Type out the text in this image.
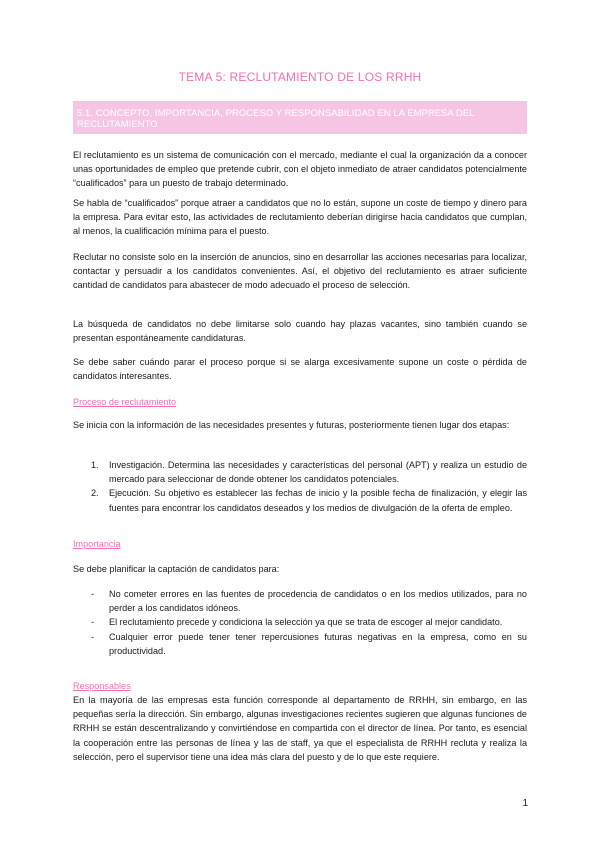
TEMA 5: RECLUTAMIENTO DE LOS RRHH
5.1. CONCEPTO, IMPORTANCIA, PROCESO Y RESPONSABILIDAD EN LA EMPRESA DEL RECLUTAMIENTO

El reclutamiento es un sistema de comunicación con el mercado, mediante el cual la organización da a conocer unas oportunidades de empleo que pretende cubrir, con el objeto inmediato de atraer candidatos potencialmente “cualificados” para un puesto de trabajo determinado.

Se habla de “cualificados” porque atraer a candidatos que no lo están, supone un coste de tiempo y dinero para la empresa. Para evitar esto, las actividades de reclutamiento deberían dirigirse hacia candidatos que cumplan, al menos, la cualificación mínima para el puesto.

Reclutar no consiste solo en la inserción de anuncios, sino en desarrollar las acciones necesarias para localizar, contactar y persuadir a los candidatos convenientes. Así, el objetivo del reclutamiento es atraer suficiente cantidad de candidatos para abastecer de modo adecuado el proceso de selección.

La búsqueda de candidatos no debe limitarse solo cuando hay plazas vacantes, sino también cuando se presentan espontáneamente candidaturas.

Se debe saber cuándo parar el proceso porque si se alarga excesivamente supone un coste o pérdida de candidatos interesantes.

Proceso de reclutamiento

Se inicia con la información de las necesidades presentes y futuras, posteriormente tienen lugar dos etapas:

1. Investigación. Determina las necesidades y características del personal (APT) y realiza un estudio de mercado para seleccionar de donde obtener los candidatos potenciales.
2. Ejecución. Su objetivo es establecer las fechas de inicio y la posible fecha de finalización, y elegir las fuentes para encontrar los candidatos deseados y los medios de divulgación de la oferta de empleo.
Importancia

Se debe planificar la captación de candidatos para:

- No cometer errores en las fuentes de procedencia de candidatos o en los medios utilizados, para no perder a los candidatos idóneos.
- El reclutamiento precede y condiciona la selección ya que se trata de escoger al mejor candidato.
- Cualquier error puede tener tener repercusiones futuras negativas en la empresa, como en su productividad.
Responsables

En la mayoría de las empresas esta función corresponde al departamento de RRHH, sin embargo, en las pequeñas sería la dirección. Sin embargo, algunas investigaciones recientes sugieren que algunas funciones de RRHH se están descentralizando y convirtiéndose en compartida con el director de línea. Por tanto, es esencial la cooperación entre las personas de línea y las de staff, ya que el especialista de RRHH recluta y realiza la selección, pero el supervisor tiene una idea más clara del puesto y de lo que este requiere.

1
